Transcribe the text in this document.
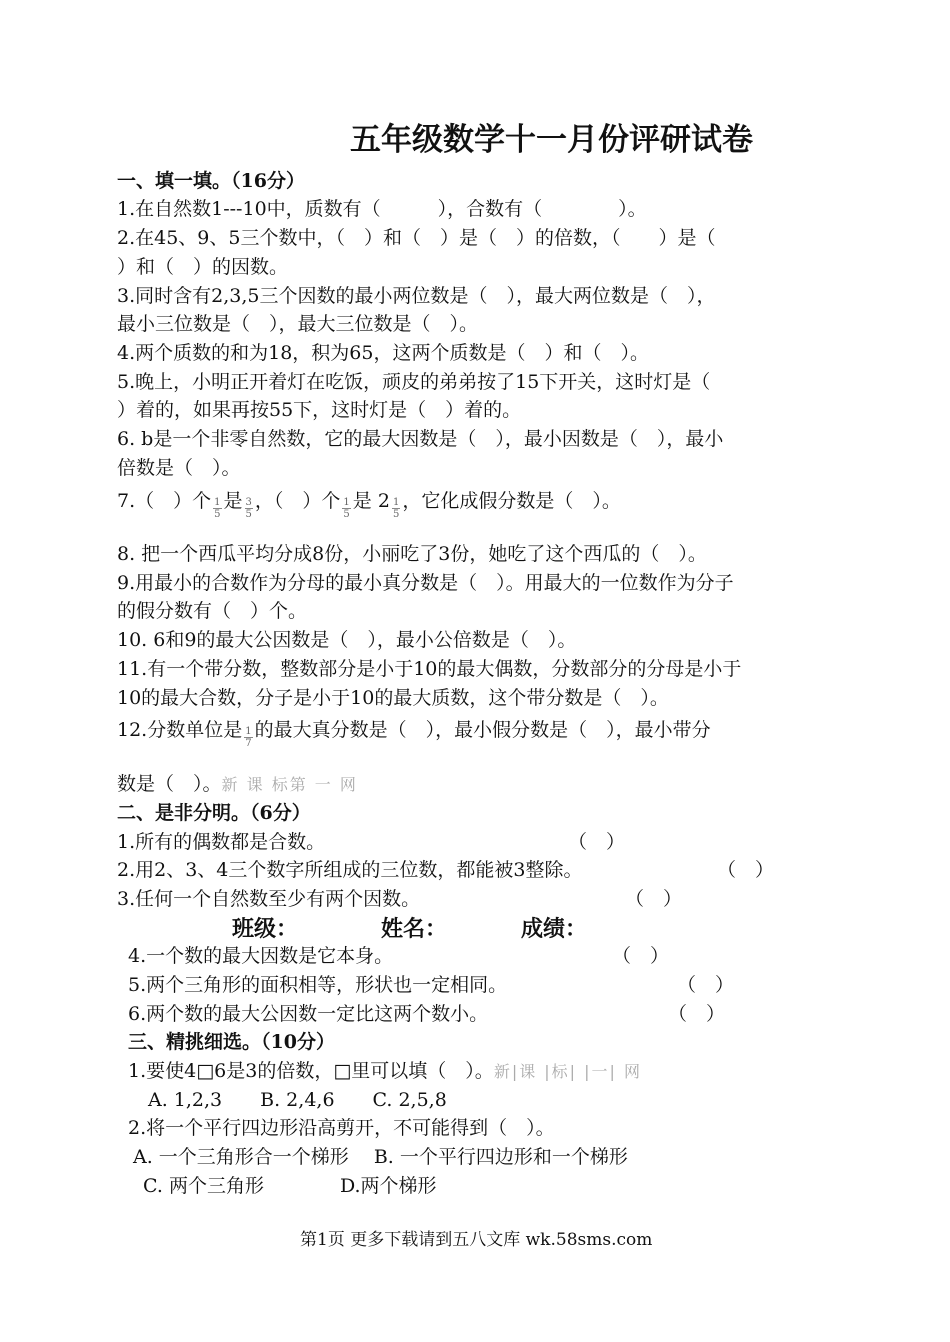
五年级数学十一月份评研试卷
一、填一填。（16分）
1.在自然数1---10中，质数有（　　　），合数有（　　　　）。
2.在45、9、5三个数中，（　）和（　）是（　）的倍数，（　　）是（
）和（　）的因数。
3.同时含有2,3,5三个因数的最小两位数是（　），最大两位数是（　），
最小三位数是（　），最大三位数是（　）。
4.两个质数的和为18，积为65，这两个质数是（　）和（　）。
5.晚上，小明正开着灯在吃饭，顽皮的弟弟按了15下开关，这时灯是（
）着的，如果再按55下，这时灯是（　）着的。
6. b是一个非零自然数，它的最大因数是（　），最小因数是（　），最小
倍数是（　）。
7.（　）个 $\frac{1}{5}$ 是 $\frac{3}{5}$ ，（　）个 $\frac{1}{5}$ 是 $2 \frac{1}{5}$ ，它化成假分数是（　）。
8. 把一个西瓜平均分成8份，小丽吃了3份，她吃了这个西瓜的（　）。
9.用最小的合数作为分母的最小真分数是（　）。用最大的一位数作为分子
的假分数有（　）个。
10. 6和9的最大公因数是（　），最小公倍数是（　）。
11.有一个带分数，整数部分是小于10的最大偶数，分数部分的分母是小于
10的最大合数，分子是小于10的最大质数，这个带分数是（　）。
12.分数单位是 $\frac{1}{7}$ 的最大真分数是（　），最小假分数是（　），最小带分
数是（　）。新 课 标第 一 网
二、是非分明。（6分）
1.所有的偶数都是合数。	（　）
2.用2、3、4三个数字所组成的三位数，都能被3整除。	（　）
3.任何一个自然数至少有两个因数。	（　）
班级：	姓名：	成绩：
4.一个数的最大因数是它本身。	（　）
5.两个三角形的面积相等，形状也一定相同。	（　）
6.两个数的最大公因数一定比这两个数小。	（　）
三、精挑细选。（10分）
1.要使4□6是3的倍数，□里可以填（　）。新|课 |标| |一| 网
A. 1,2,3　　B. 2,4,6　　C. 2,5,8
2.将一个平行四边形沿高剪开，不可能得到（　）。
A. 一个三角形合一个梯形　 B. 一个平行四边形和一个梯形
C. 两个三角形　　　　D.两个梯形
第1页 更多下载请到五八文库 wk.58sms.com
